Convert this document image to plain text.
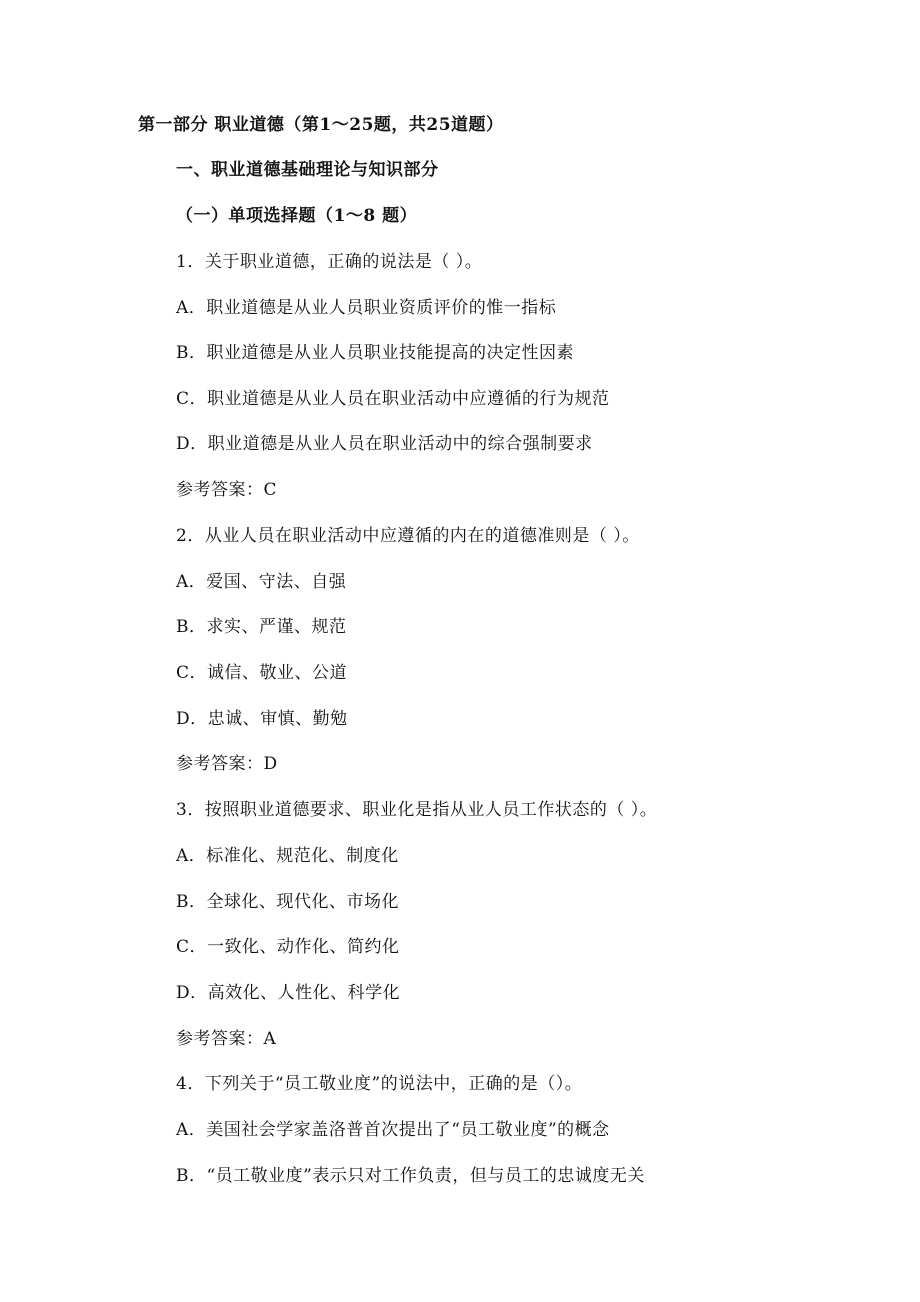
第一部分 职业道德（第1～25题，共25道题）
一、职业道德基础理论与知识部分
（一）单项选择题（1～8 题）
1．关于职业道德，正确的说法是（ ）。
A．职业道德是从业人员职业资质评价的惟一指标
B．职业道德是从业人员职业技能提高的决定性因素
C．职业道德是从业人员在职业活动中应遵循的行为规范
D．职业道德是从业人员在职业活动中的综合强制要求
参考答案：C
2．从业人员在职业活动中应遵循的内在的道德准则是（ ）。
A．爱国、守法、自强
B．求实、严谨、规范
C．诚信、敬业、公道
D．忠诚、审慎、勤勉
参考答案：D
3．按照职业道德要求、职业化是指从业人员工作状态的（ ）。
A．标准化、规范化、制度化
B．全球化、现代化、市场化
C．一致化、动作化、简约化
D．高效化、人性化、科学化
参考答案：A
4．下列关于“员工敬业度”的说法中，正确的是（）。
A．美国社会学家盖洛普首次提出了“员工敬业度”的概念
B．“员工敬业度”表示只对工作负责，但与员工的忠诚度无关
